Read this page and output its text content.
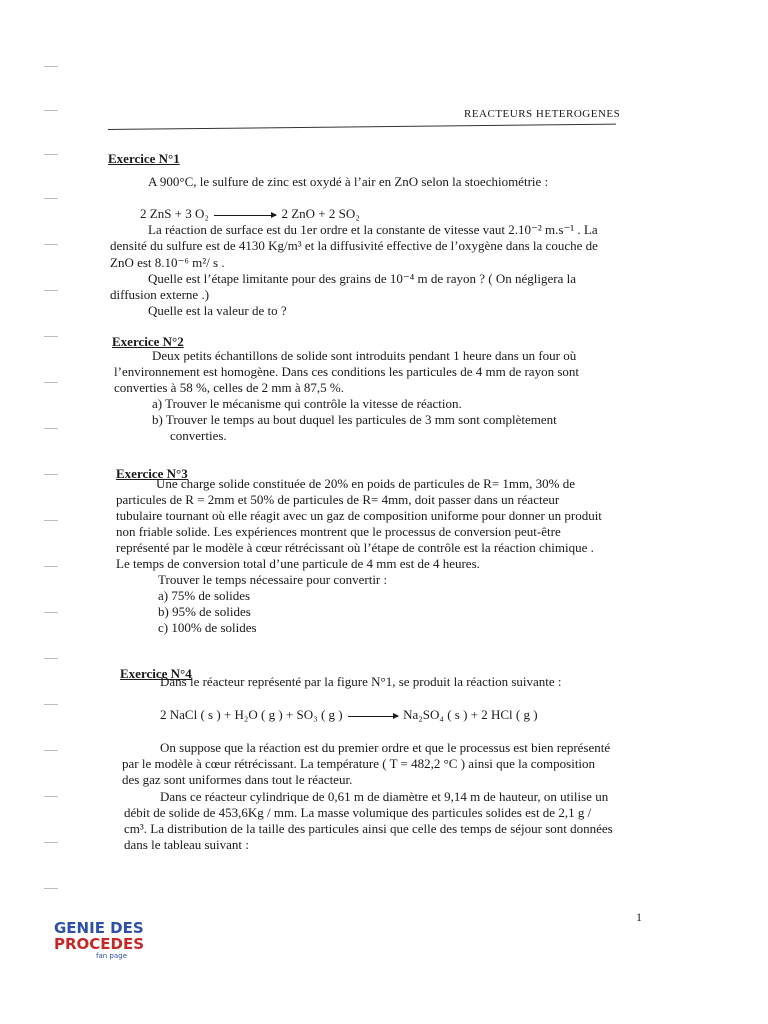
REACTEURS HETEROGENES
Exercice N°1
A 900°C, le sulfure de zinc est oxydé à l’air en ZnO selon la stoechiométrie :
2 ZnS + 3 O₂	2 ZnO + 2 SO₂
La réaction de surface est du 1er ordre et la constante de vitesse vaut 2.10⁻² m.s⁻¹ . La
densité du sulfure est de 4130 Kg/m³ et la diffusivité effective de l’oxygène dans la couche de
ZnO est 8.10⁻⁶ m²/ s .
Quelle est l’étape limitante pour des grains de 10⁻⁴ m de rayon ? ( On négligera la
diffusion externe .)
Quelle est la valeur de to ?
Exercice N°2
Deux petits échantillons de solide sont introduits pendant 1 heure dans un four où
l’environnement est homogène. Dans ces conditions les particules de 4 mm de rayon sont
converties à 58 %, celles de 2 mm à 87,5 %.
a) Trouver le mécanisme qui contrôle la vitesse de réaction.
b) Trouver le temps au bout duquel les particules de 3 mm sont complètement
converties.
Exercice N°3
Une charge solide constituée de 20% en poids de particules de R= 1mm, 30% de
particules de R = 2mm et 50% de particules de R= 4mm, doit passer dans un réacteur
tubulaire tournant où elle réagit avec un gaz de composition uniforme pour donner un produit
non friable solide. Les expériences montrent que le processus de conversion peut-être
représenté par le modèle à cœur rétrécissant où l’étape de contrôle est la réaction chimique .
Le temps de conversion total d’une particule de 4 mm est de 4 heures.
Trouver le temps nécessaire pour convertir :
a) 75% de solides
b) 95% de solides
c) 100% de solides
Exercice N°4
Dans le réacteur représenté par la figure N°1, se produit la réaction suivante :
2 NaCl ( s ) + H₂O ( g ) + SO₃ ( g ) → Na₂SO₄ ( s ) + 2 HCl ( g )
On suppose que la réaction est du premier ordre et que le processus est bien représenté
par le modèle à cœur rétrécissant. La température ( T = 482,2 °C ) ainsi que la composition
des gaz sont uniformes dans tout le réacteur.
Dans ce réacteur cylindrique de 0,61 m de diamètre et 9,14 m de hauteur, on utilise un
débit de solide de 453,6Kg / mm. La masse volumique des particules solides est de 2,1 g /
cm³. La distribution de la taille des particules ainsi que celle des temps de séjour sont données
dans le tableau suivant :
1
GENIE DES
PROCEDES
fan page
